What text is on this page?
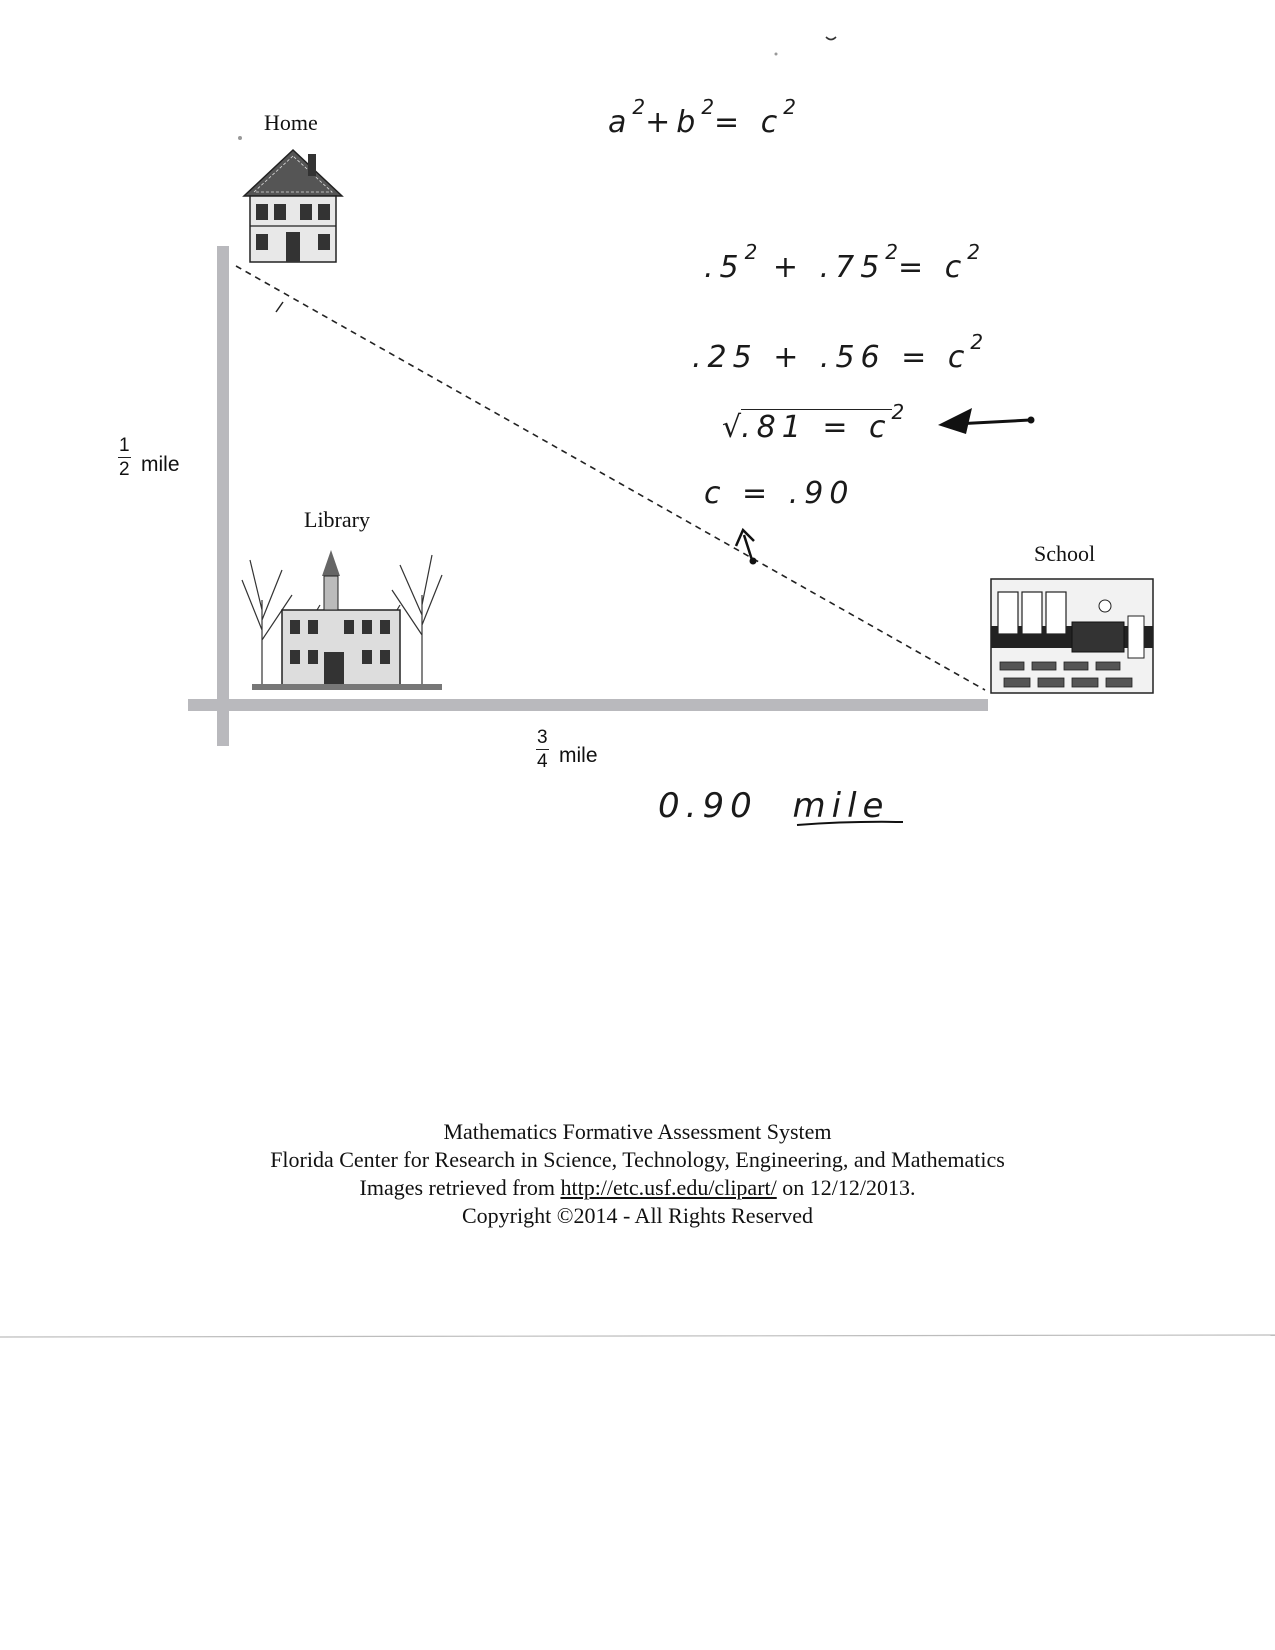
Home
Library
School
$\frac{1}{2}$ mile
$\frac{3}{4}$ mile
$a^2+b^2= c^2$
$.5^2 + .75^2= c^2$
$.25 + .56 = c^2$
$√.81 = c^2$
c = .90
0.90 mile
Mathematics Formative Assessment System
Florida Center for Research in Science, Technology, Engineering, and Mathematics
Images retrieved from http://etc.usf.edu/clipart/ on 12/12/2013.
Copyright ©2014 - All Rights Reserved
